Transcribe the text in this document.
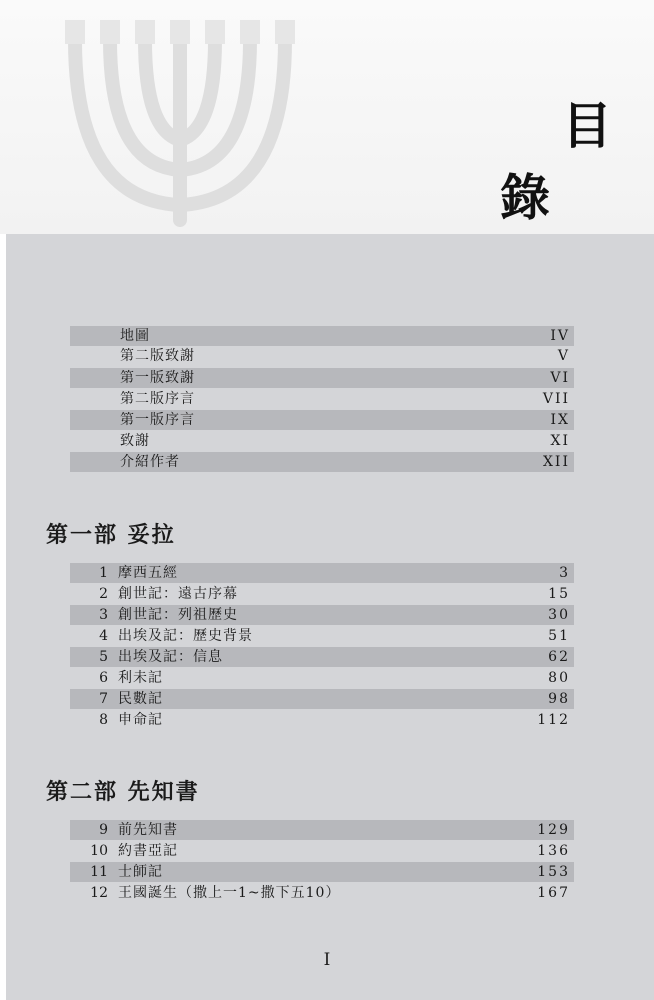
目
錄
地圖	IV
第二版致謝	V
第一版致謝	VI
第二版序言	VII
第一版序言	IX
致謝	XI
介紹作者	XII
第一部 妥拉
1 摩西五經	3
2 創世記：遠古序幕	15
3 創世記：列祖歷史	30
4 出埃及記：歷史背景	51
5 出埃及記：信息	62
6 利未記	80
7 民數記	98
8 申命記	112
第二部 先知書
9 前先知書	129
10 約書亞記	136
11 士師記	153
12 王國誕生（撒上一1~撒下五10）	167
I
